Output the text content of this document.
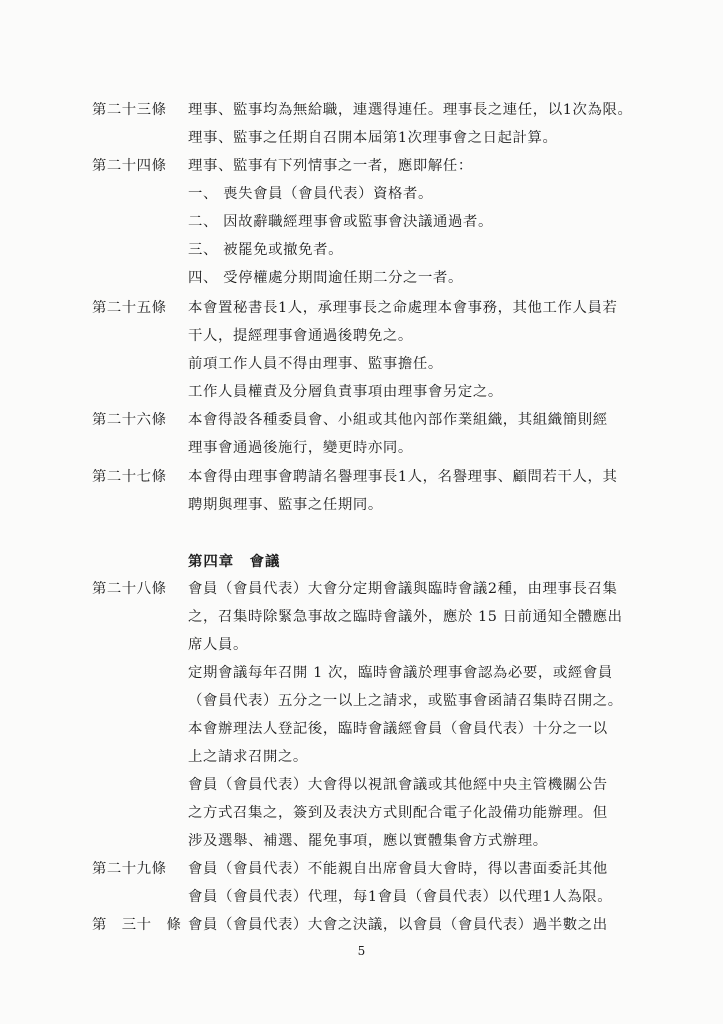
第二十三條 理事、監事均為無給職，連選得連任。理事長之連任，以1次為限。
理事、監事之任期自召開本屆第1次理事會之日起計算。
第二十四條 理事、監事有下列情事之一者，應即解任：
一、 喪失會員（會員代表）資格者。
二、 因故辭職經理事會或監事會決議通過者。
三、 被罷免或撤免者。
四、 受停權處分期間逾任期二分之一者。
第二十五條 本會置秘書長1人，承理事長之命處理本會事務，其他工作人員若
干人，提經理事會通過後聘免之。
前項工作人員不得由理事、監事擔任。
工作人員權責及分層負責事項由理事會另定之。
第二十六條 本會得設各種委員會、小組或其他內部作業組織，其組織簡則經
理事會通過後施行，變更時亦同。
第二十七條 本會得由理事會聘請名譽理事長1人，名譽理事、顧問若干人，其
聘期與理事、監事之任期同。
第四章　會議
第二十八條 會員（會員代表）大會分定期會議與臨時會議2種，由理事長召集
之，召集時除緊急事故之臨時會議外，應於 15 日前通知全體應出
席人員。
定期會議每年召開 1 次，臨時會議於理事會認為必要，或經會員
（會員代表）五分之一以上之請求，或監事會函請召集時召開之。
本會辦理法人登記後，臨時會議經會員（會員代表）十分之一以
上之請求召開之。
會員（會員代表）大會得以視訊會議或其他經中央主管機關公告
之方式召集之，簽到及表決方式則配合電子化設備功能辦理。但
涉及選舉、補選、罷免事項，應以實體集會方式辦理。
第二十九條 會員（會員代表）不能親自出席會員大會時，得以書面委託其他
會員（會員代表）代理，每1會員（會員代表）以代理1人為限。
第　三十　條 會員（會員代表）大會之決議，以會員（會員代表）過半數之出
5
